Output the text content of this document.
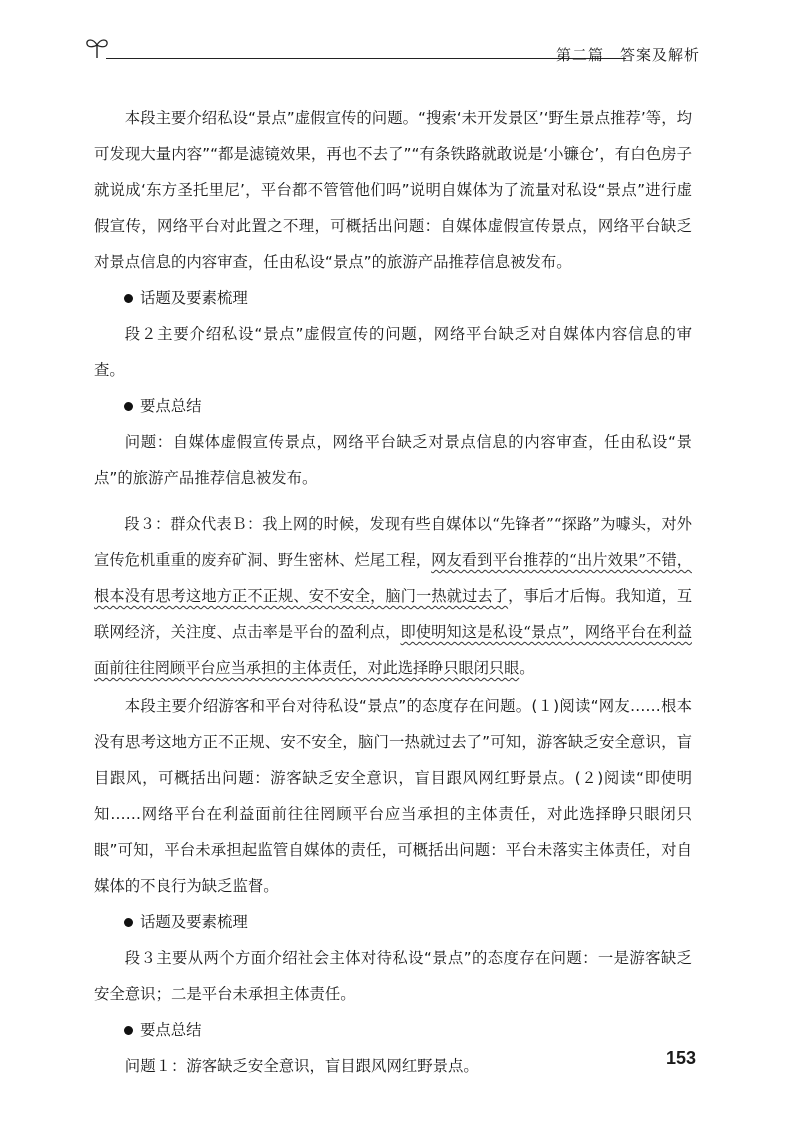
第二篇　答案及解析

本段主要介绍私设“景点”虚假宣传的问题。“搜索‘未开发景区’‘野生景点推荐’等，均可发现大量内容”“都是滤镜效果，再也不去了”“有条铁路就敢说是‘小镰仓’，有白色房子就说成‘东方圣托里尼’，平台都不管管他们吗”说明自媒体为了流量对私设“景点”进行虚假宣传，网络平台对此置之不理，可概括出问题：自媒体虚假宣传景点，网络平台缺乏对景点信息的内容审查，任由私设“景点”的旅游产品推荐信息被发布。

话题及要素梳理

段２主要介绍私设“景点”虚假宣传的问题，网络平台缺乏对自媒体内容信息的审查。

要点总结

问题：自媒体虚假宣传景点，网络平台缺乏对景点信息的内容审查，任由私设“景点”的旅游产品推荐信息被发布。

段３：群众代表Ｂ：我上网的时候，发现有些自媒体以“先锋者”“探路”为噱头，对外宣传危机重重的废弃矿洞、野生密林、烂尾工程，网友看到平台推荐的“出片效果”不错，根本没有思考这地方正不正规、安不安全，脑门一热就过去了，事后才后悔。我知道，互联网经济，关注度、点击率是平台的盈利点，即使明知这是私设“景点”，网络平台在利益面前往往罔顾平台应当承担的主体责任，对此选择睁只眼闭只眼。

本段主要介绍游客和平台对待私设“景点”的态度存在问题。(１)阅读“网友……根本没有思考这地方正不正规、安不安全，脑门一热就过去了”可知，游客缺乏安全意识，盲目跟风，可概括出问题：游客缺乏安全意识，盲目跟风网红野景点。(２)阅读“即使明知……网络平台在利益面前往往罔顾平台应当承担的主体责任，对此选择睁只眼闭只眼”可知，平台未承担起监管自媒体的责任，可概括出问题：平台未落实主体责任，对自媒体的不良行为缺乏监督。

话题及要素梳理

段３主要从两个方面介绍社会主体对待私设“景点”的态度存在问题：一是游客缺乏安全意识；二是平台未承担主体责任。

要点总结

问题１：游客缺乏安全意识，盲目跟风网红野景点。	153
